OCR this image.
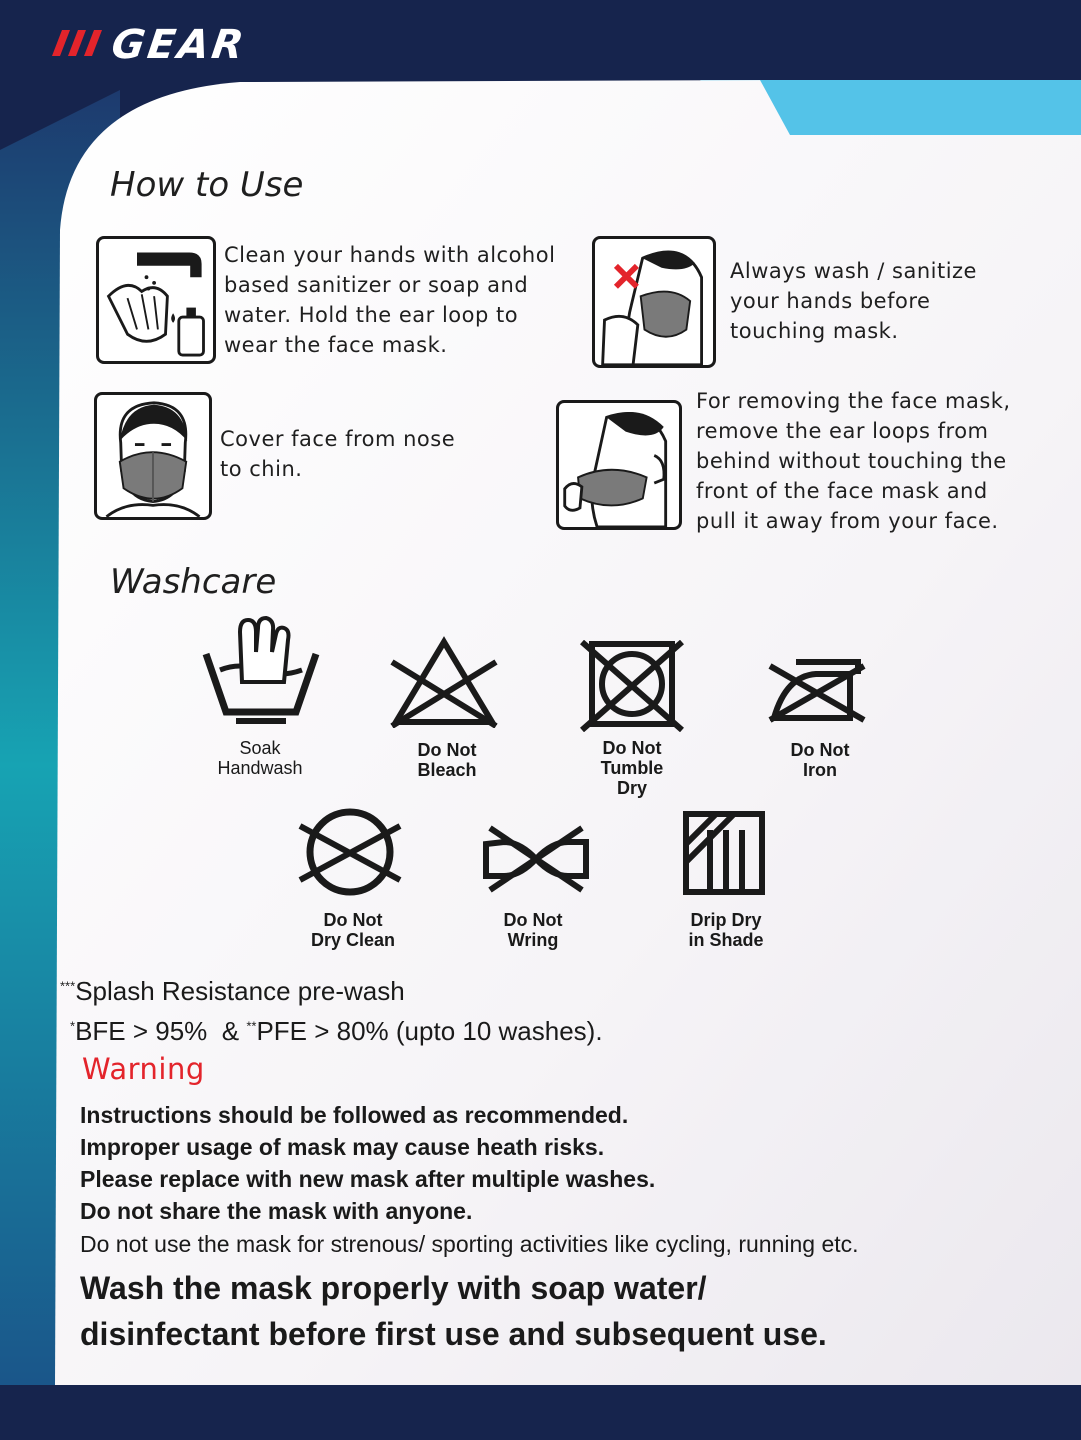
GEAR
How to Use
Clean your hands with alcohol
based sanitizer or soap and
water. Hold the ear loop to
wear the face mask.
Always wash / sanitize
your hands before
touching mask.
Cover face from nose
to chin.
For removing the face mask,
remove the ear loops from
behind without touching the
front of the face mask and
pull it away from your face.
Washcare
Soak
Handwash
Do Not
Bleach
Do Not
Tumble
Dry
Do Not
Iron
Do Not
Dry Clean
Do Not
Wring
Drip Dry
in Shade
***Splash Resistance pre-wash
*BFE > 95%  & **PFE > 80% (upto 10 washes).
Warning
Instructions should be followed as recommended.
Improper usage of mask may cause heath risks.
Please replace with new mask after multiple washes.
Do not share the mask with anyone.
Do not use the mask for strenous/ sporting activities like cycling, running etc.
Wash the mask properly with soap water/
disinfectant before first use and subsequent use.
